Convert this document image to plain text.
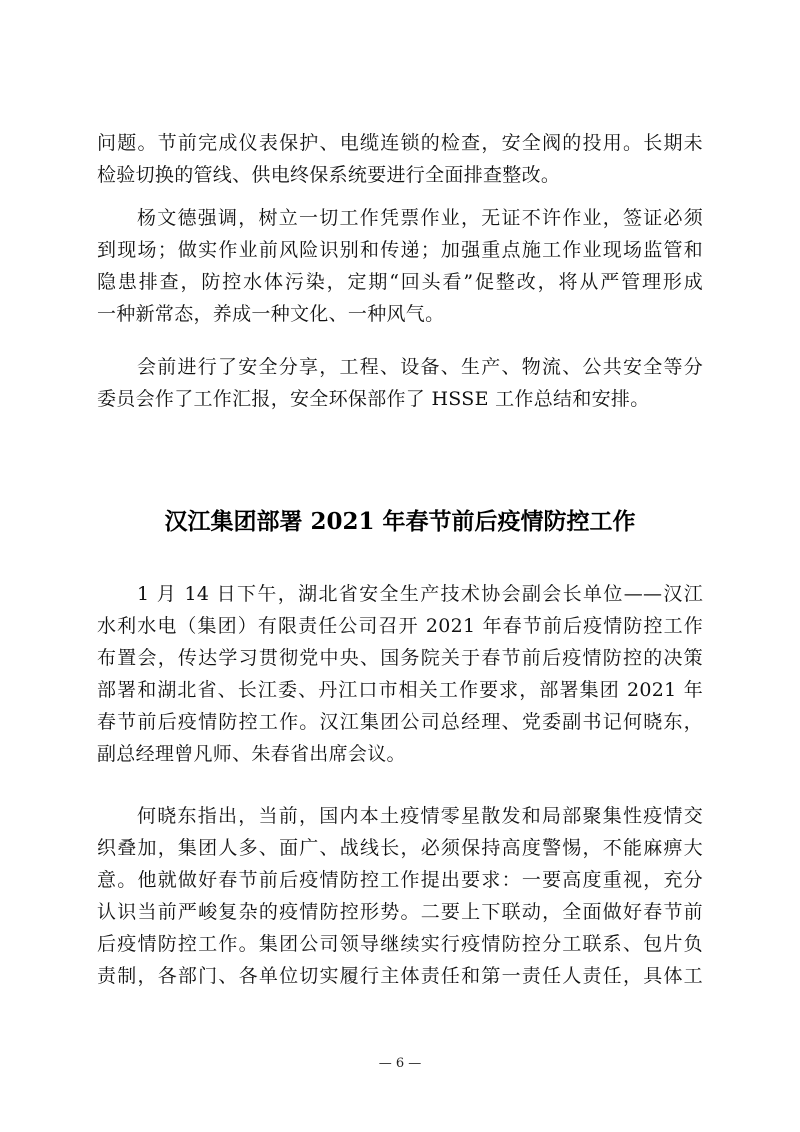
问题。节前完成仪表保护、电缆连锁的检查，安全阀的投用。长期未
检验切换的管线、供电终保系统要进行全面排查整改。
杨文德强调，树立一切工作凭票作业，无证不许作业，签证必须
到现场；做实作业前风险识别和传递；加强重点施工作业现场监管和
隐患排查，防控水体污染，定期“回头看”促整改，将从严管理形成
一种新常态，养成一种文化、一种风气。
会前进行了安全分享，工程、设备、生产、物流、公共安全等分
委员会作了工作汇报，安全环保部作了 HSSE 工作总结和安排。
汉江集团部署 2021 年春节前后疫情防控工作
1 月 14 日下午，湖北省安全生产技术协会副会长单位——汉江
水利水电（集团）有限责任公司召开 2021 年春节前后疫情防控工作
布置会，传达学习贯彻党中央、国务院关于春节前后疫情防控的决策
部署和湖北省、长江委、丹江口市相关工作要求，部署集团 2021 年
春节前后疫情防控工作。汉江集团公司总经理、党委副书记何晓东，
副总经理曾凡师、朱春省出席会议。
何晓东指出，当前，国内本土疫情零星散发和局部聚集性疫情交
织叠加，集团人多、面广、战线长，必须保持高度警惕，不能麻痹大
意。他就做好春节前后疫情防控工作提出要求：一要高度重视，充分
认识当前严峻复杂的疫情防控形势。二要上下联动，全面做好春节前
后疫情防控工作。集团公司领导继续实行疫情防控分工联系、包片负
责制，各部门、各单位切实履行主体责任和第一责任人责任，具体工
— 6 —
